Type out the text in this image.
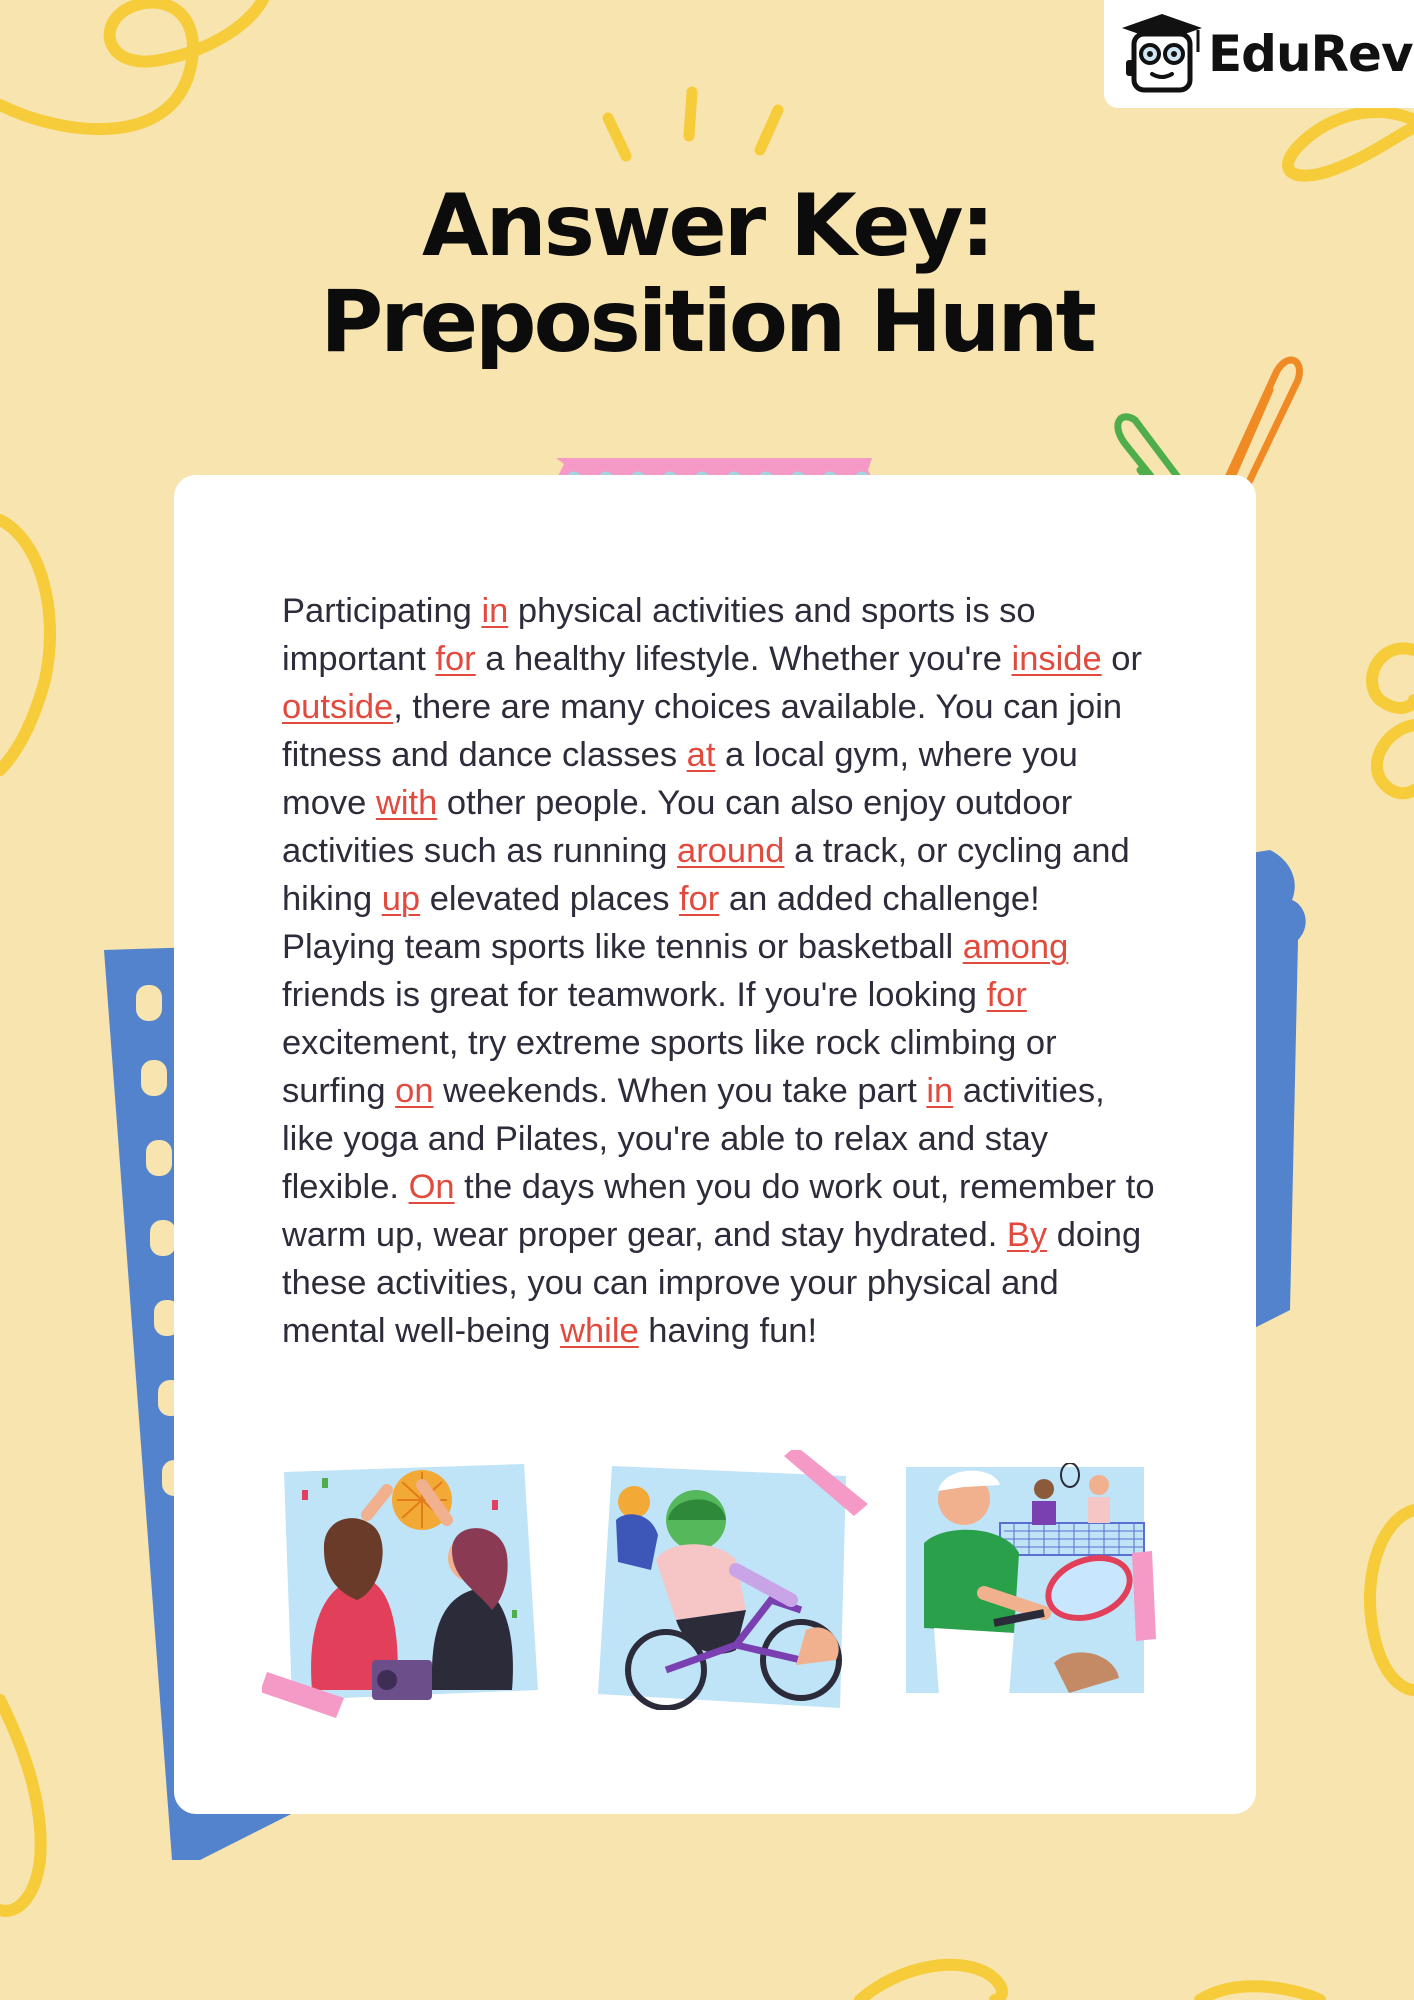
EduRev
Answer Key:
Preposition Hunt

Participating in physical activities and sports is so important for a healthy lifestyle. Whether you're inside or outside, there are many choices available. You can join fitness and dance classes at a local gym, where you move with other people. You can also enjoy outdoor activities such as running around a track, or cycling and hiking up elevated places for an added challenge! Playing team sports like tennis or basketball among friends is great for teamwork. If you're looking for excitement, try extreme sports like rock climbing or surfing on weekends. When you take part in activities, like yoga and Pilates, you're able to relax and stay flexible. On the days when you do work out, remember to warm up, wear proper gear, and stay hydrated. By doing these activities, you can improve your physical and mental well-being while having fun!
